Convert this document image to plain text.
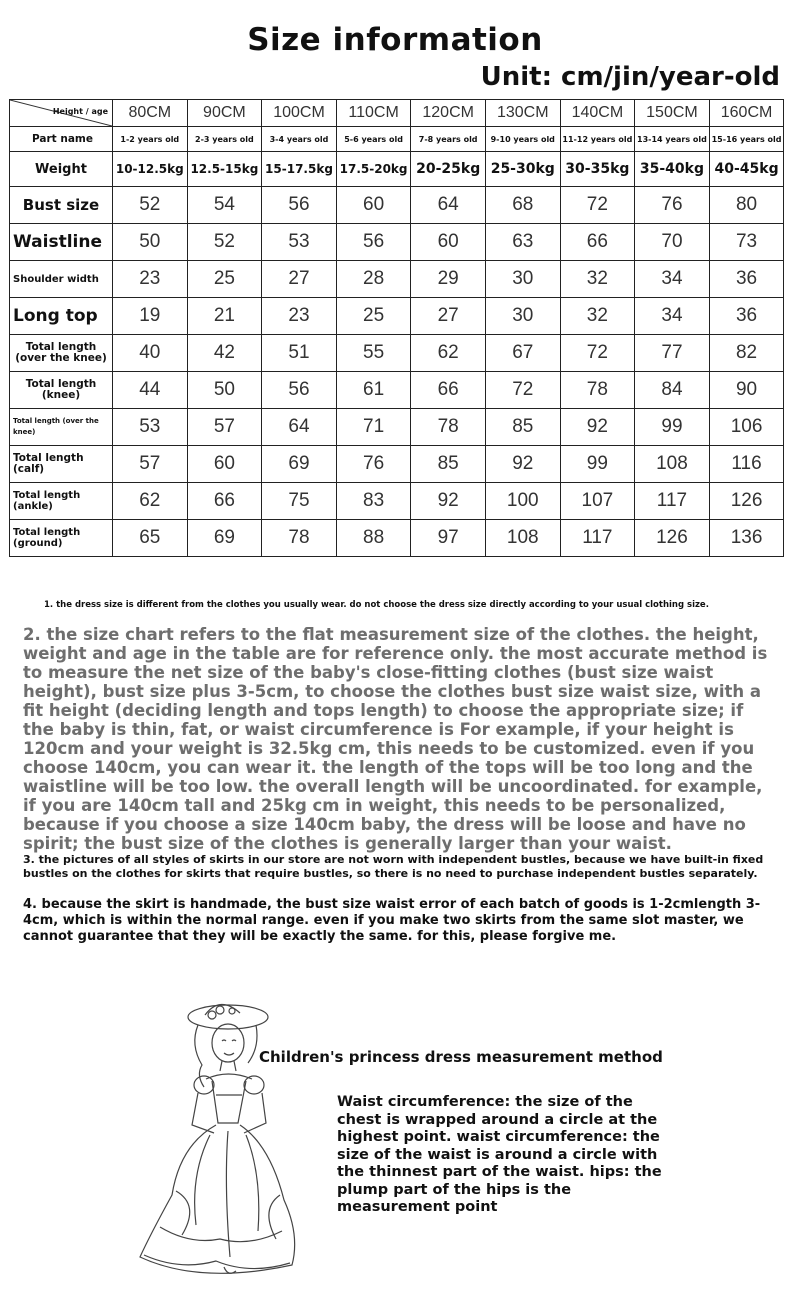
Size information
Unit: cm/jin/year-old
Height / age	80CM	90CM	100CM	110CM	120CM	130CM	140CM	150CM	160CM
Part name	1-2 years old	2-3 years old	3-4 years old	5-6 years old	7-8 years old	9-10 years old	11-12 years old	13-14 years old	15-16 years old
Weight	10-12.5kg	12.5-15kg	15-17.5kg	17.5-20kg	20-25kg	25-30kg	30-35kg	35-40kg	40-45kg
Bust size	52	54	56	60	64	68	72	76	80
Waistline	50	52	53	56	60	63	66	70	73
Shoulder width	23	25	27	28	29	30	32	34	36
Long top	19	21	23	25	27	30	32	34	36
Total length (over the knee)	40	42	51	55	62	67	72	77	82
Total length (knee)	44	50	56	61	66	72	78	84	90
Total length (over the knee)	53	57	64	71	78	85	92	99	106
Total length (calf)	57	60	69	76	85	92	99	108	116
Total length (ankle)	62	66	75	83	92	100	107	117	126
Total length (ground)	65	69	78	88	97	108	117	126	136
1. the dress size is different from the clothes you usually wear. do not choose the dress size directly according to your usual clothing size.
2. the size chart refers to the flat measurement size of the clothes. the height, weight and age in the table are for reference only. the most accurate method is to measure the net size of the baby's close-fitting clothes (bust size waist height), bust size plus 3-5cm, to choose the clothes bust size waist size, with a fit height (deciding length and tops length) to choose the appropriate size; if the baby is thin, fat, or waist circumference is For example, if your height is 120cm and your weight is 32.5kg cm, this needs to be customized. even if you choose 140cm, you can wear it. the length of the tops will be too long and the waistline will be too low. the overall length will be uncoordinated. for example, if you are 140cm tall and 25kg cm in weight, this needs to be personalized, because if you choose a size 140cm baby, the dress will be loose and have no spirit; the bust size of the clothes is generally larger than your waist.
3. the pictures of all styles of skirts in our store are not worn with independent bustles, because we have built-in fixed bustles on the clothes for skirts that require bustles, so there is no need to purchase independent bustles separately.
4. because the skirt is handmade, the bust size waist error of each batch of goods is 1-2cmlength 3-4cm, which is within the normal range. even if you make two skirts from the same slot master, we cannot guarantee that they will be exactly the same. for this, please forgive me.
Children's princess dress measurement method
Waist circumference: the size of the chest is wrapped around a circle at the highest point. waist circumference: the size of the waist is around a circle with the thinnest part of the waist. hips: the plump part of the hips is the measurement point
